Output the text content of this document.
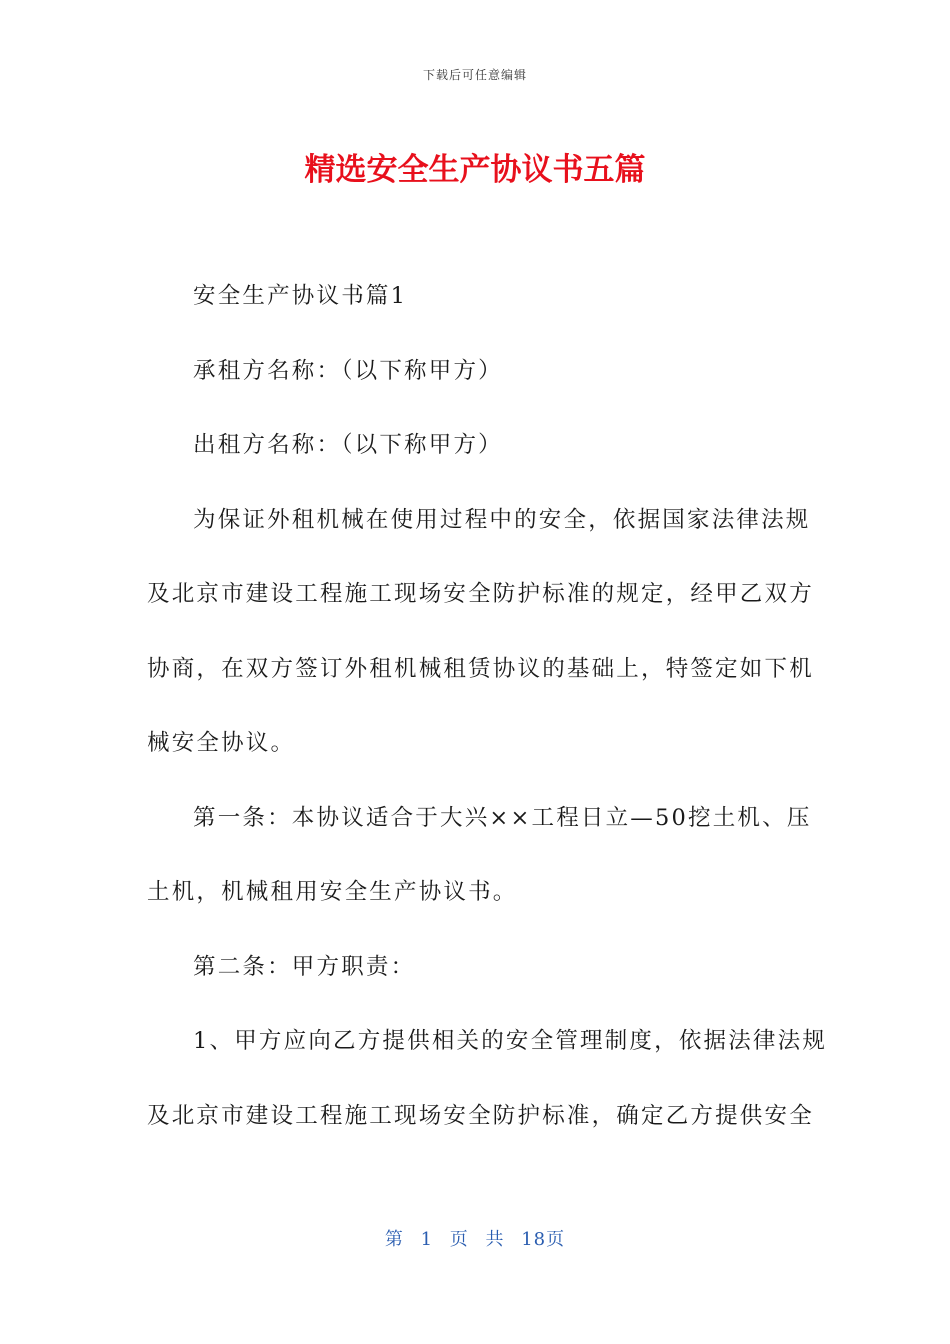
下载后可任意编辑
精选安全生产协议书五篇
安全生产协议书篇1
承租方名称：（以下称甲方）
出租方名称：（以下称甲方）
为保证外租机械在使用过程中的安全，依据国家法律法规
及北京市建设工程施工现场安全防护标准的规定，经甲乙双方
协商，在双方签订外租机械租赁协议的基础上，特签定如下机
械安全协议。
第一条：本协议适合于大兴××工程日立—50挖土机、压
土机，机械租用安全生产协议书。
第二条：甲方职责：
1、甲方应向乙方提供相关的安全管理制度，依据法律法规
及北京市建设工程施工现场安全防护标准，确定乙方提供安全
第 1 页 共 18页
